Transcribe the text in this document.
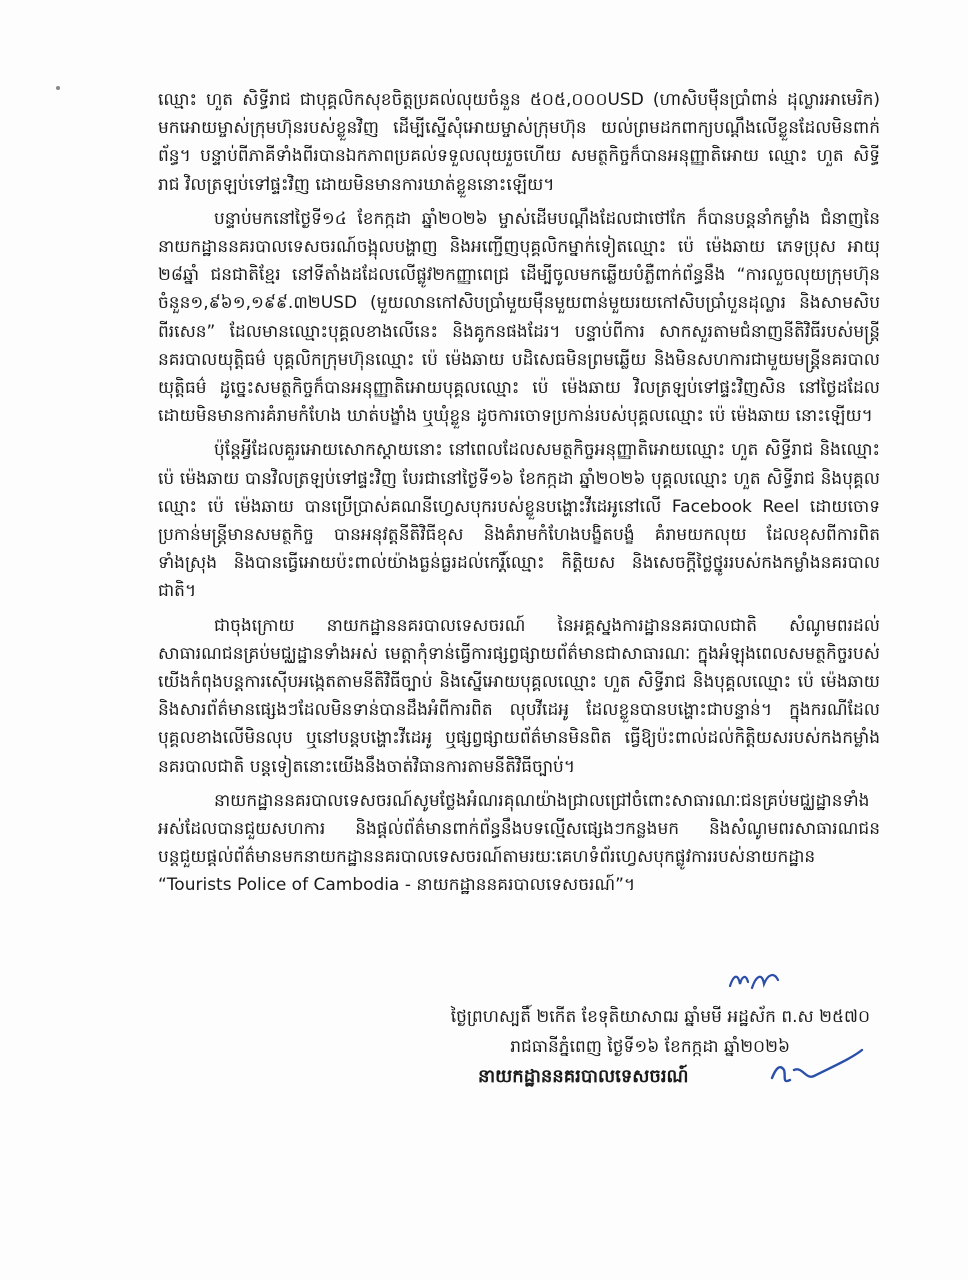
ឈ្មោះ ហួត សិទ្ធីរាជ ជាបុគ្គលិកសុខចិត្តប្រគល់លុយចំនួន ៥០៥,០០០USD (ហាសិបម៉ឺនប្រាំពាន់ ដុល្លារអាមេរិក) មកអោយម្ចាស់ក្រុមហ៊ុនរបស់ខ្លួនវិញ ដើម្បីស្នើសុំអោយម្ចាស់ក្រុមហ៊ុន យល់ព្រមដកពាក្យបណ្ដឹងលើខ្លួនដែលមិនពាក់ព័ន្ធ។ បន្ទាប់ពីភាគីទាំងពីរបានឯកភាពប្រគល់ទទួលលុយរួចហើយ សមត្ថកិច្ចក៏បានអនុញ្ញាតិអោយ ឈ្មោះ ហួត សិទ្ធីរាជ វិលត្រឡប់ទៅផ្ទះវិញ ដោយមិនមានការឃាត់ខ្លួននោះឡើយ។

បន្ទាប់មកនៅថ្ងៃទី១៤ ខែកក្កដា ឆ្នាំ២០២៦ ម្ចាស់ដើមបណ្ដឹងដែលជាថៅកែ ក៏បានបន្តនាំកម្លាំង ជំនាញនៃនាយកដ្ឋាននគរបាលទេសចរណ៍ចង្អុលបង្ហាញ និងអញ្ជើញបុគ្គលិកម្នាក់ទៀតឈ្មោះ ប៉េ ម៉េងឆាយ ភេទប្រុស អាយុ ២៨ឆ្នាំ ជនជាតិខ្មែរ នៅទីតាំងដដែលលើផ្លូវ២កញ្ញាពេជ្រ ដើម្បីចូលមកឆ្លើយបំភ្លឺពាក់ព័ន្ធនឹង “ការលួចលុយក្រុមហ៊ុនចំនួន១,៩៦១,១៩៩.៣២USD (មួយលានកៅសិបប្រាំមួយម៉ឺនមួយពាន់មួយរយកៅសិបប្រាំបួនដុល្លារ និងសាមសិបពីរសេន” ដែលមានឈ្មោះបុគ្គលខាងលើនេះ និងគូកនផងដែរ។ បន្ទាប់ពីការ សាកសួរតាមជំនាញនីតិវិធីរបស់មន្ត្រីនគរបាលយុត្តិធម៌ បុគ្គលិកក្រុមហ៊ុនឈ្មោះ ប៉េ ម៉េងឆាយ បដិសេធមិនព្រមឆ្លើយ និងមិនសហការជាមួយមន្ត្រីនគរបាលយុត្តិធម៌ ដូច្នេះសមត្ថកិច្ចក៏បានអនុញ្ញាតិអោយបុគ្គលឈ្មោះ ប៉េ ម៉េងឆាយ វិលត្រឡប់ទៅផ្ទះវិញសិន នៅថ្ងៃដដែល ដោយមិនមានការគំរាមកំហែង ឃាត់បង្ខាំង ឬឃុំខ្លួន ដូចការចោទប្រកាន់របស់បុគ្គលឈ្មោះ ប៉េ ម៉េងឆាយ នោះឡើយ។

ប៉ុន្តែអ្វីដែលគួរអោយសោកស្ដាយនោះ នៅពេលដែលសមត្ថកិច្ចអនុញ្ញាតិអោយឈ្មោះ ហួត សិទ្ធីរាជ និងឈ្មោះ ប៉េ ម៉េងឆាយ បានវិលត្រឡប់ទៅផ្ទះវិញ បែរជានៅថ្ងៃទី១៦ ខែកក្កដា ឆ្នាំ២០២៦ បុគ្គលឈ្មោះ ហួត សិទ្ធីរាជ និងបុគ្គលឈ្មោះ ប៉េ ម៉េងឆាយ បានប្រើប្រាស់គណនីហ្វេសបុករបស់ខ្លួនបង្ហោះវីដេអូនៅលើ Facebook Reel ដោយចោទប្រកាន់មន្ត្រីមានសមត្ថកិច្ច បានអនុវត្តនីតិវិធីខុស និងគំរាមកំហែងបង្ខិតបង្ខំ គំរាមយកលុយ ដែលខុសពីការពិតទាំងស្រុង និងបានធ្វើអោយប៉ះពាល់យ៉ាងធ្ងន់ធ្ងរដល់កេរ្តិ៍ឈ្មោះ កិត្តិយស និងសេចក្តីថ្លៃថ្នូររបស់កងកម្លាំងនគរបាលជាតិ។

ជាចុងក្រោយ នាយកដ្ឋាននគរបាលទេសចរណ៍ នៃអគ្គស្នងការដ្ឋាននគរបាលជាតិ សំណូមពរដល់សាធារណជនគ្រប់មជ្ឈដ្ឋានទាំងអស់ មេត្តាកុំទាន់ធ្វើការផ្សព្វផ្សាយព័ត៌មានជាសាធារណៈ ក្នុងអំឡុងពេលសមត្ថកិច្ចរបស់យើងកំពុងបន្តការស៊ើបអង្កេតតាមនីតិវិធីច្បាប់ និងស្នើអោយបុគ្គលឈ្មោះ ហួត សិទ្ធីរាជ និងបុគ្គលឈ្មោះ ប៉េ ម៉េងឆាយ និងសារព័ត៌មានផ្សេងៗដែលមិនទាន់បានដឹងអំពីការពិត លុបវីដេអូ ដែលខ្លួនបានបង្ហោះជាបន្ទាន់។ ក្នុងករណីដែលបុគ្គលខាងលើមិនលុប ឬនៅបន្តបង្ហោះវីដេអូ ឬផ្សព្វផ្សាយព័ត៌មានមិនពិត ធ្វើឱ្យប៉ះពាល់ដល់កិត្តិយសរបស់កងកម្លាំងនគរបាលជាតិ បន្តទៀតនោះយើងនឹងចាត់វិធានការតាមនីតិវិធីច្បាប់។

នាយកដ្ឋាននគរបាលទេសចរណ៍សូមថ្លែងអំណរគុណយ៉ាងជ្រាលជ្រៅចំពោះសាធារណៈជនគ្រប់មជ្ឈដ្ឋានទាំងអស់ដែលបានជួយសហការ និងផ្តល់ព័ត៌មានពាក់ព័ន្ធនឹងបទល្មើសផ្សេងៗកន្លងមក និងសំណូមពរសាធារណជន បន្តជួយផ្តល់ព័ត៌មានមកនាយកដ្ឋាននគរបាលទេសចរណ៍តាមរយៈគេហទំព័រហ្វេសបុកផ្លូវការរបស់នាយកដ្ឋាន “Tourists Police of Cambodia - នាយកដ្ឋាននគរបាលទេសចរណ៍”។

ថ្ងៃព្រហស្បតិ៍ ២កើត ខែទុតិយាសាឍ ឆ្នាំមមី អដ្ឋស័ក ព.ស ២៥៧០
រាជធានីភ្នំពេញ ថ្ងៃទី១៦ ខែកក្កដា ឆ្នាំ២០២៦
នាយកដ្ឋាននគរបាលទេសចរណ៍
